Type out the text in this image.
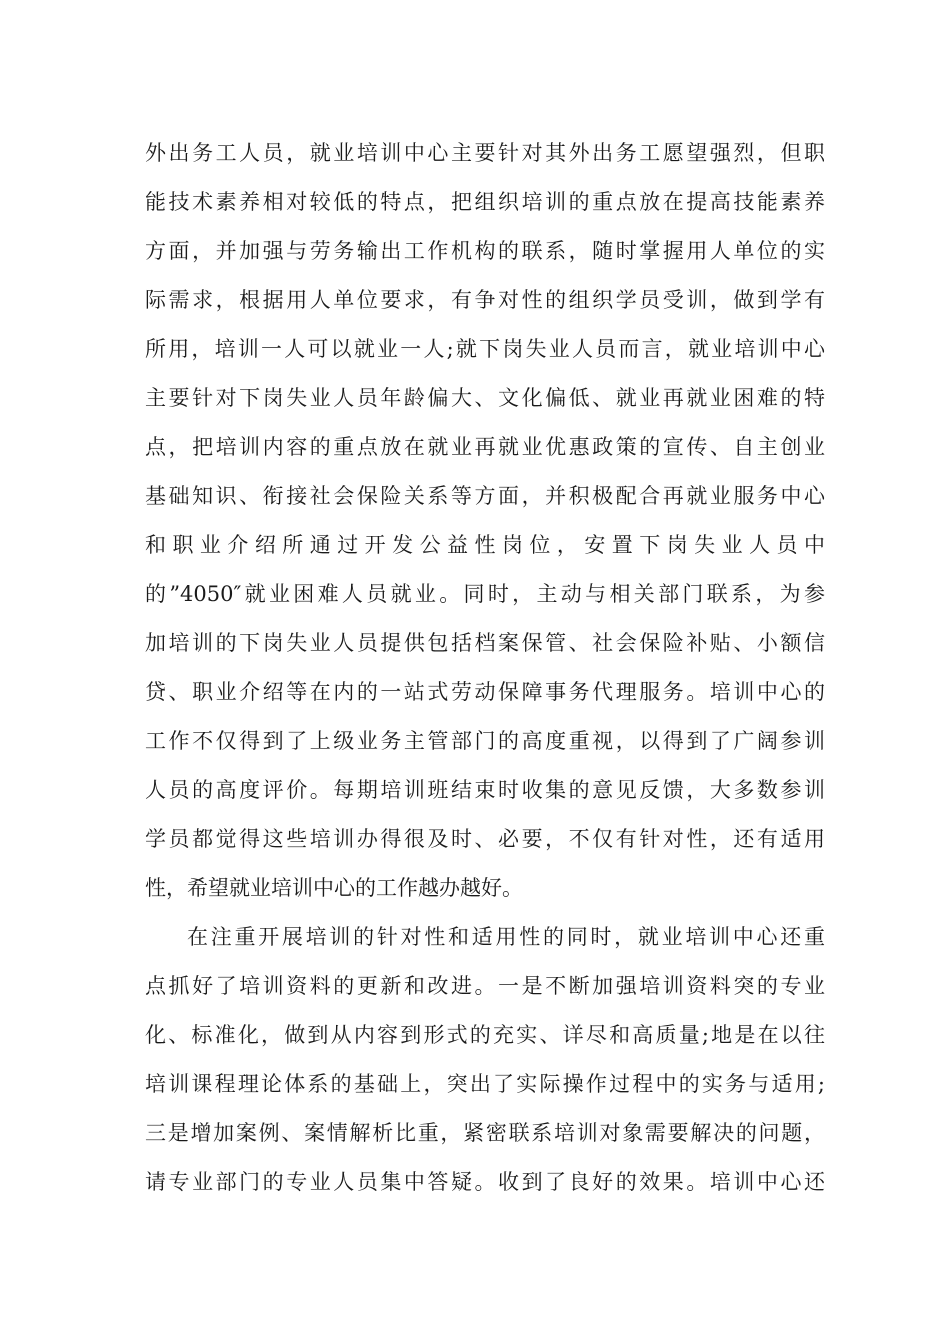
外出务工人员，就业培训中心主要针对其外出务工愿望强烈，但职
能技术素养相对较低的特点，把组织培训的重点放在提高技能素养
方面，并加强与劳务输出工作机构的联系，随时掌握用人单位的实
际需求，根据用人单位要求，有争对性的组织学员受训，做到学有
所用，培训一人可以就业一人;就下岗失业人员而言，就业培训中心
主要针对下岗失业人员年龄偏大、文化偏低、就业再就业困难的特
点，把培训内容的重点放在就业再就业优惠政策的宣传、自主创业
基础知识、衔接社会保险关系等方面，并积极配合再就业服务中心
和职业介绍所通过开发公益性岗位，安置下岗失业人员中
的”4050″就业困难人员就业。同时，主动与相关部门联系，为参
加培训的下岗失业人员提供包括档案保管、社会保险补贴、小额信
贷、职业介绍等在内的一站式劳动保障事务代理服务。培训中心的
工作不仅得到了上级业务主管部门的高度重视，以得到了广阔参训
人员的高度评价。每期培训班结束时收集的意见反馈，大多数参训
学员都觉得这些培训办得很及时、必要，不仅有针对性，还有适用
性，希望就业培训中心的工作越办越好。
在注重开展培训的针对性和适用性的同时，就业培训中心还重
点抓好了培训资料的更新和改进。一是不断加强培训资料突的专业
化、标准化，做到从内容到形式的充实、详尽和高质量;地是在以往
培训课程理论体系的基础上，突出了实际操作过程中的实务与适用;
三是增加案例、案情解析比重，紧密联系培训对象需要解决的问题，
请专业部门的专业人员集中答疑。收到了良好的效果。培训中心还
